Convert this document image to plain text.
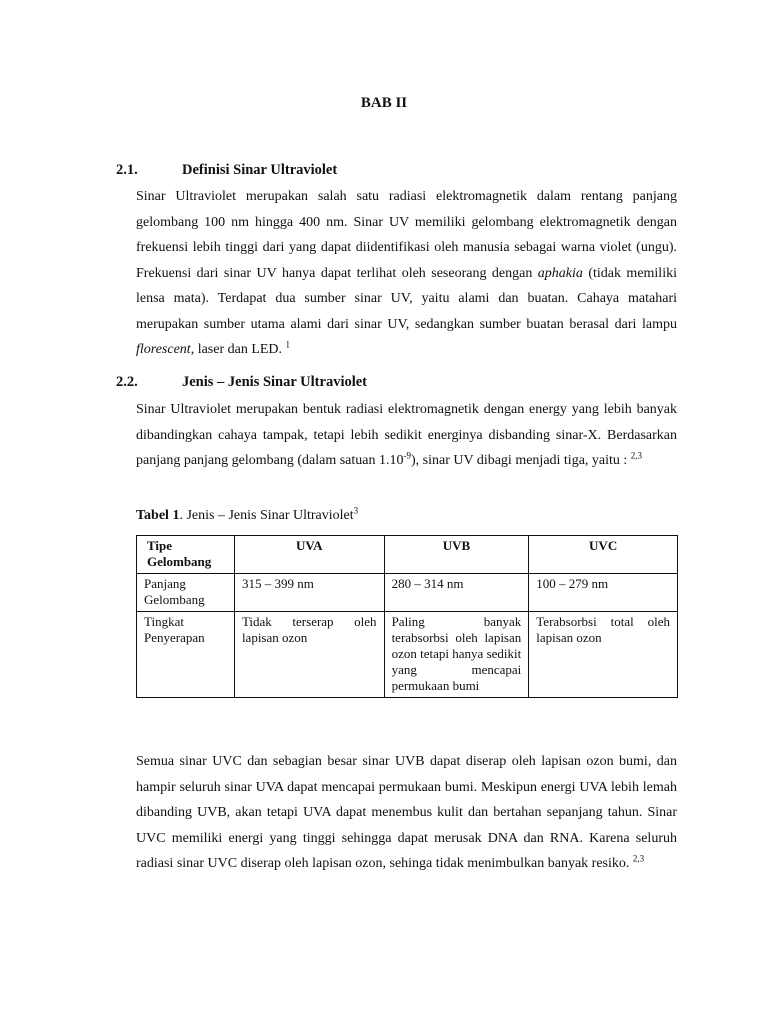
BAB II
2.1.	Definisi Sinar Ultraviolet
Sinar Ultraviolet merupakan salah satu radiasi elektromagnetik dalam rentang panjang gelombang 100 nm hingga 400 nm. Sinar UV memiliki gelombang elektromagnetik dengan frekuensi lebih tinggi dari yang dapat diidentifikasi oleh manusia sebagai warna violet (ungu). Frekuensi dari sinar UV hanya dapat terlihat oleh seseorang dengan aphakia (tidak memiliki lensa mata). Terdapat dua sumber sinar UV, yaitu alami dan buatan. Cahaya matahari merupakan sumber utama alami dari sinar UV, sedangkan sumber buatan berasal dari lampu florescent, laser dan LED. $^1$
2.2.	Jenis – Jenis Sinar Ultraviolet
Sinar Ultraviolet merupakan bentuk radiasi elektromagnetik dengan energy yang lebih banyak dibandingkan cahaya tampak, tetapi lebih sedikit energinya disbanding sinar-X. Berdasarkan panjang panjang gelombang (dalam satuan $1.10^{-9}$), sinar UV dibagi menjadi tiga, yaitu : $^{2,3}$
Tabel 1. Jenis – Jenis Sinar Ultraviolet$^3$
Tipe Gelombang	UVA	UVB	UVC
Panjang Gelombang	315 – 399 nm	280 – 314 nm	100 – 279 nm
Tingkat Penyerapan	Tidak terserap oleh lapisan ozon	Paling banyak terabsorbsi oleh lapisan ozon tetapi hanya sedikit yang mencapai permukaan bumi	Terabsorbsi total oleh lapisan ozon
Semua sinar UVC dan sebagian besar sinar UVB dapat diserap oleh lapisan ozon bumi, dan hampir seluruh sinar UVA dapat mencapai permukaan bumi. Meskipun energi UVA lebih lemah dibanding UVB, akan tetapi UVA dapat menembus kulit dan bertahan sepanjang tahun. Sinar UVC memiliki energi yang tinggi sehingga dapat merusak DNA dan RNA. Karena seluruh radiasi sinar UVC diserap oleh lapisan ozon, sehinga tidak menimbulkan banyak resiko. $^{2,3}$
